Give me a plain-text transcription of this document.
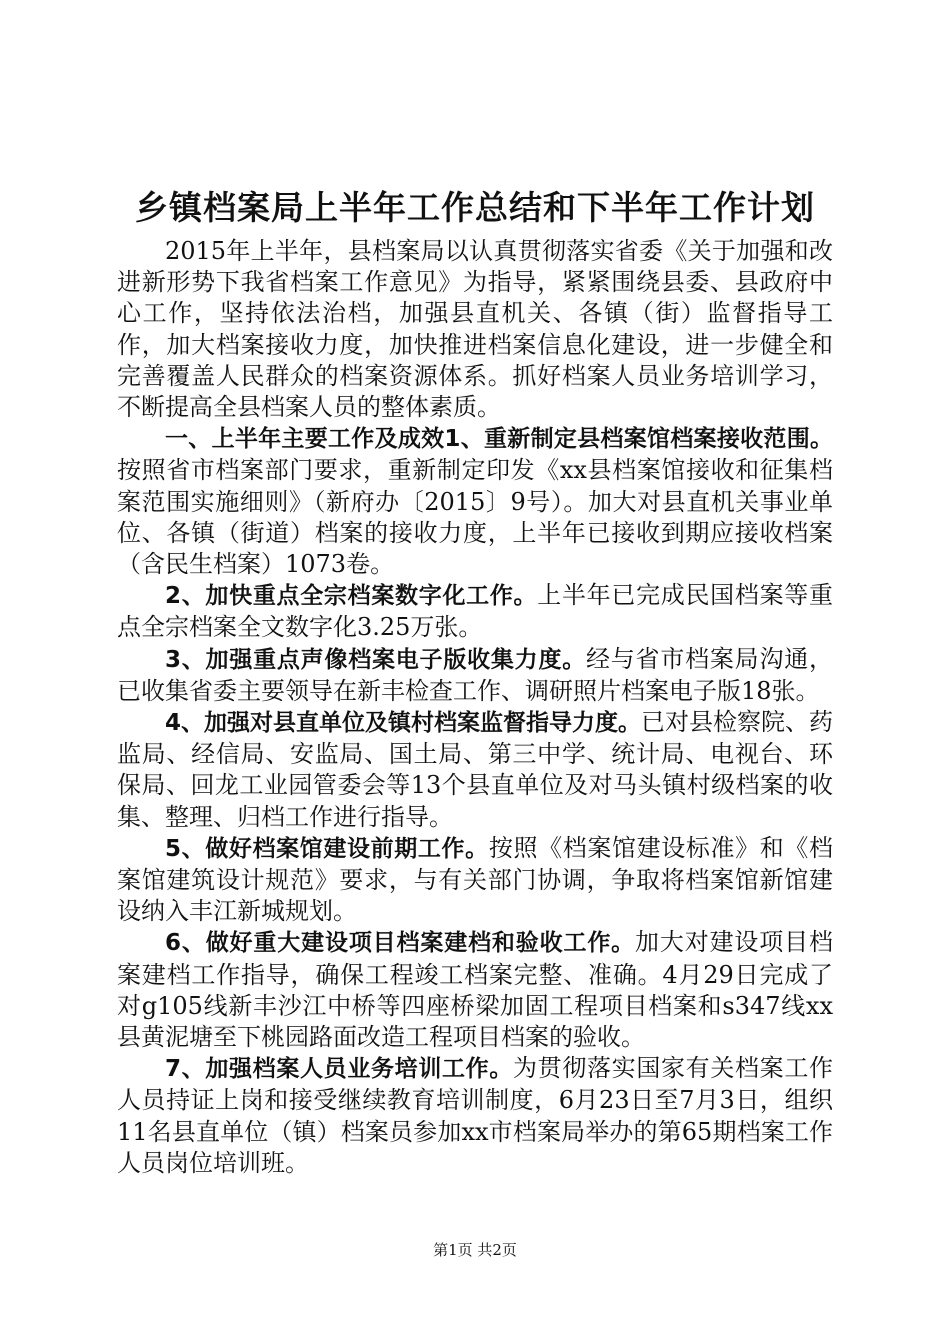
乡镇档案局上半年工作总结和下半年工作计划

2015年上半年，县档案局以认真贯彻落实省委《关于加强和改进新形势下我省档案工作意见》为指导，紧紧围绕县委、县政府中心工作，坚持依法治档，加强县直机关、各镇（街）监督指导工作，加大档案接收力度，加快推进档案信息化建设，进一步健全和完善覆盖人民群众的档案资源体系。抓好档案人员业务培训学习，不断提高全县档案人员的整体素质。

一、上半年主要工作及成效1、重新制定县档案馆档案接收范围。按照省市档案部门要求，重新制定印发《xx县档案馆接收和征集档案范围实施细则》（新府办〔2015〕9号）。加大对县直机关事业单位、各镇（街道）档案的接收力度，上半年已接收到期应接收档案（含民生档案）1073卷。

2、加快重点全宗档案数字化工作。上半年已完成民国档案等重点全宗档案全文数字化3.25万张。

3、加强重点声像档案电子版收集力度。经与省市档案局沟通，已收集省委主要领导在新丰检查工作、调研照片档案电子版18张。

4、加强对县直单位及镇村档案监督指导力度。已对县检察院、药监局、经信局、安监局、国土局、第三中学、统计局、电视台、环保局、回龙工业园管委会等13个县直单位及对马头镇村级档案的收集、整理、归档工作进行指导。

5、做好档案馆建设前期工作。按照《档案馆建设标准》和《档案馆建筑设计规范》要求，与有关部门协调，争取将档案馆新馆建设纳入丰江新城规划。

6、做好重大建设项目档案建档和验收工作。加大对建设项目档案建档工作指导，确保工程竣工档案完整、准确。4月29日完成了对g105线新丰沙江中桥等四座桥梁加固工程项目档案和s347线xx县黄泥塘至下桃园路面改造工程项目档案的验收。

7、加强档案人员业务培训工作。为贯彻落实国家有关档案工作人员持证上岗和接受继续教育培训制度，6月23日至7月3日，组织11名县直单位（镇）档案员参加xx市档案局举办的第65期档案工作人员岗位培训班。

第1页 共2页
